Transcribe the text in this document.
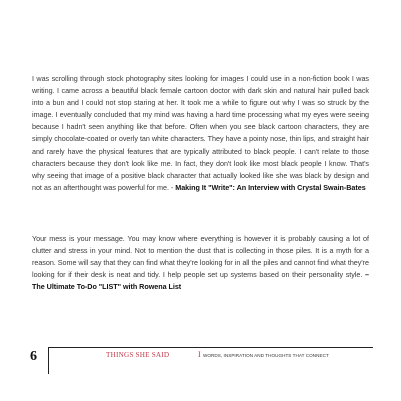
I was scrolling through stock photography sites looking for images I could use in a non-fiction book I was writing. I came across a beautiful black female cartoon doctor with dark skin and natural hair pulled back into a bun and I could not stop staring at her. It took me a while to figure out why I was so struck by the image. I eventually concluded that my mind was having a hard time processing what my eyes were seeing because I hadn't seen anything like that before. Often when you see black cartoon characters, they are simply chocolate-coated or overly tan white characters. They have a pointy nose, thin lips, and straight hair and rarely have the physical features that are typically attributed to black people. I can't relate to those characters because they don't look like me. In fact, they don't look like most black people I know. That's why seeing that image of a positive black character that actually looked like she was black by design and not as an afterthought was powerful for me. - Making It "Write": An Interview with Crystal Swain-Bates

Your mess is your message. You may know where everything is however it is probably causing a lot of clutter and stress in your mind. Not to mention the dust that is collecting in those piles. It is a myth for a reason. Some will say that they can find what they're looking for in all the piles and cannot find what they're looking for if their desk is neat and tidy. I help people set up systems based on their personality style. – The Ultimate To-Do "LIST" with Rowena List

6	THINGS SHE SAID	I WORDS, INSPIRATION AND THOUGHTS THAT CONNECT
